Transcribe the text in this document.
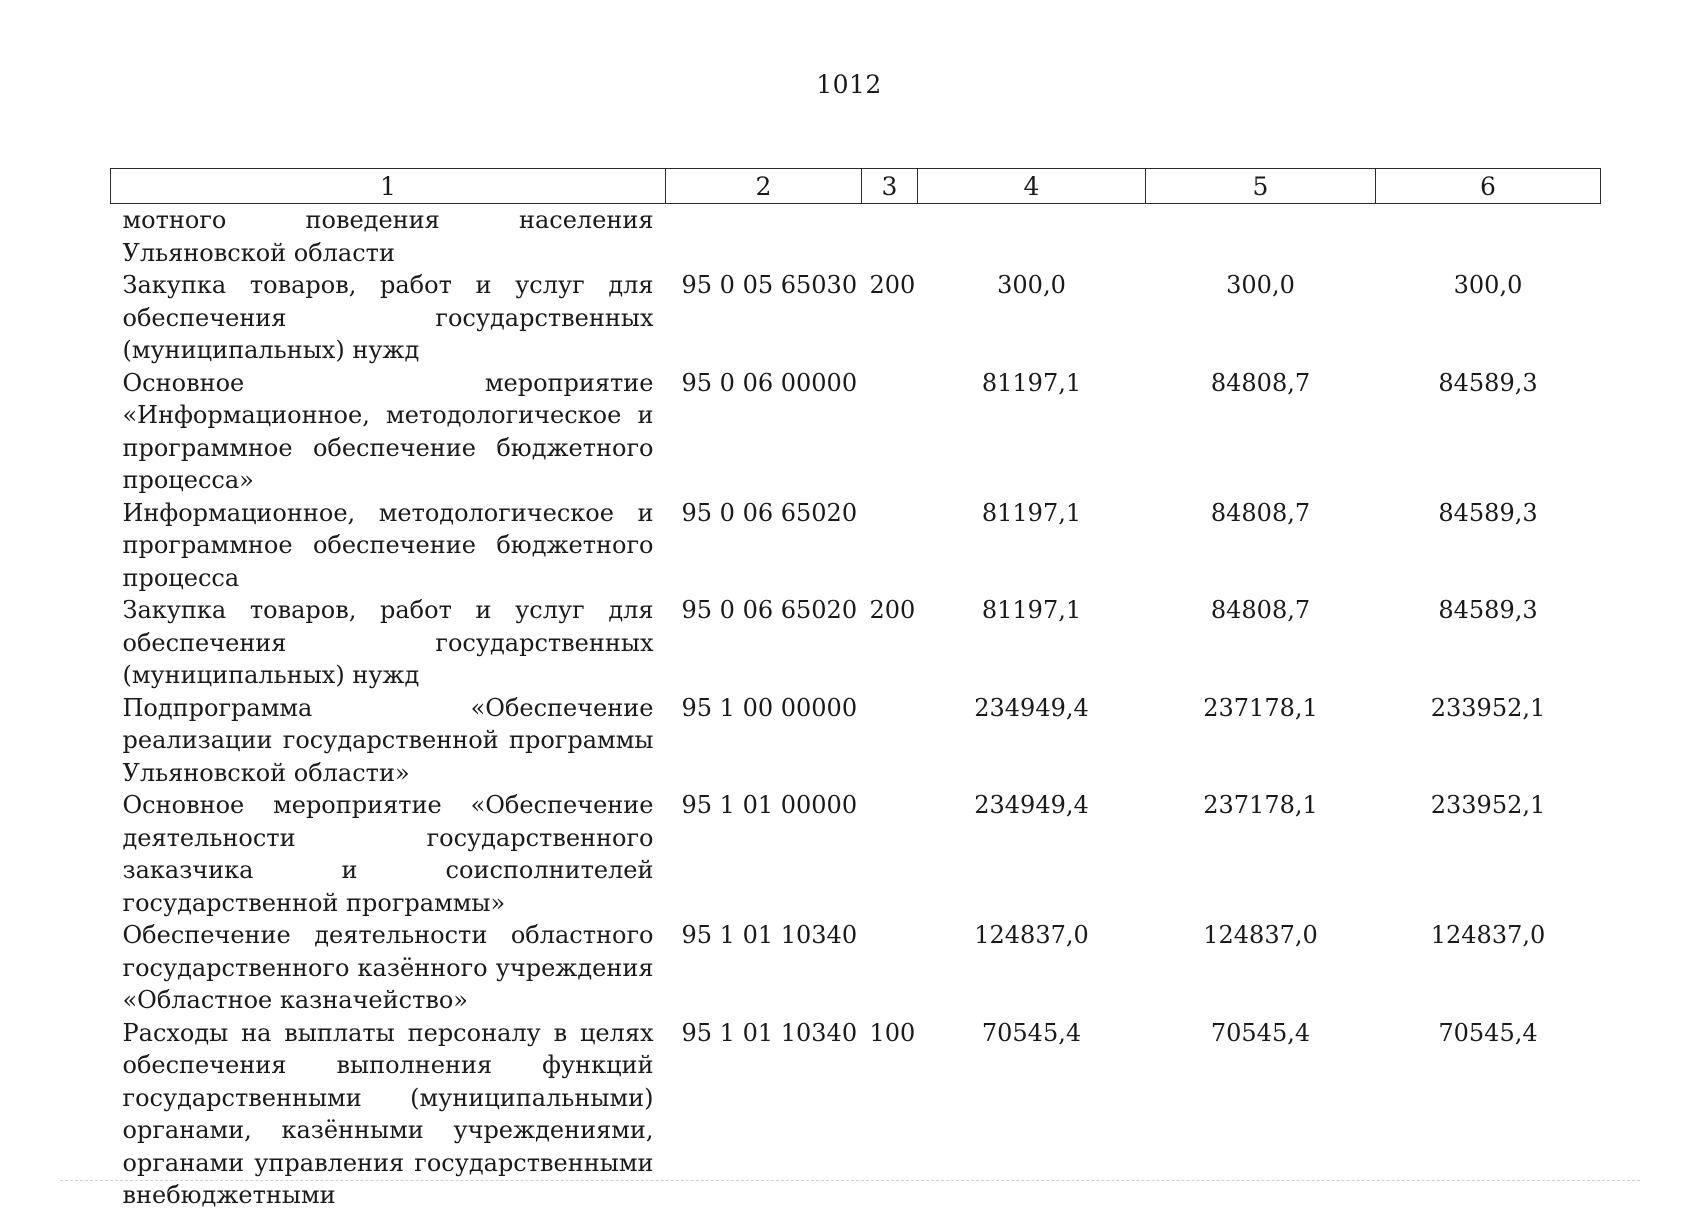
1012
1	2	3	4	5	6
мотного поведения населения Ульяновской области					
Закупка товаров, работ и услуг для обеспечения государственных (муниципальных) нужд	95 0 05 65030	200	300,0	300,0	300,0
Основное мероприятие «Информационное, методологическое и программное обеспечение бюджетного процесса»	95 0 06 00000		81197,1	84808,7	84589,3
Информационное, методологическое и программное обеспечение бюджетного процесса	95 0 06 65020		81197,1	84808,7	84589,3
Закупка товаров, работ и услуг для обеспечения государственных (муниципальных) нужд	95 0 06 65020	200	81197,1	84808,7	84589,3
Подпрограмма «Обеспечение реализации государственной программы Ульяновской области»	95 1 00 00000		234949,4	237178,1	233952,1
Основное мероприятие «Обеспечение деятельности государственного заказчика и соисполнителей государственной программы»	95 1 01 00000		234949,4	237178,1	233952,1
Обеспечение деятельности областного государственного казённого учреждения «Областное казначейство»	95 1 01 10340		124837,0	124837,0	124837,0
Расходы на выплаты персоналу в целях обеспечения выполнения функций государственными (муниципальными) органами, казёнными учреждениями, органами управления государственными внебюджетными	95 1 01 10340	100	70545,4	70545,4	70545,4
